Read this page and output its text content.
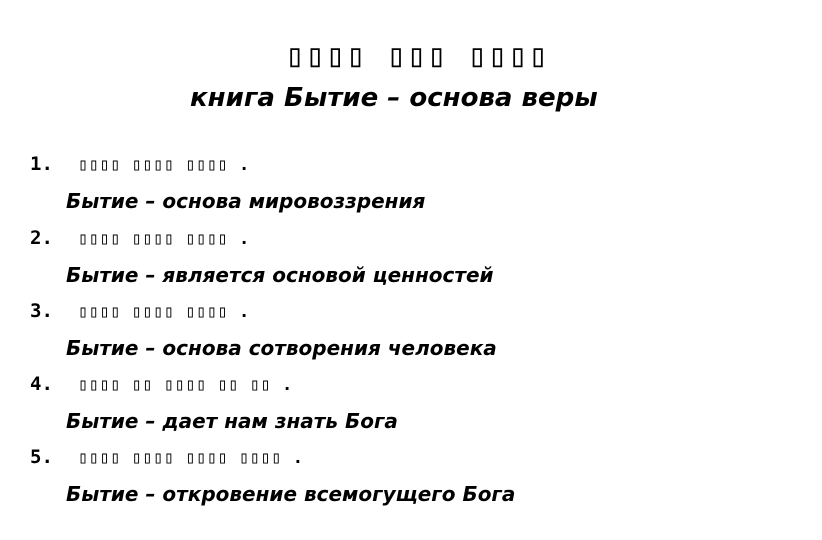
▯▯▯▯ ▯▯▯ ▯▯▯▯
книга Бытие – основа веры
1. ▯▯▯▯ ▯▯▯▯ ▯▯▯▯ .
Бытие – основа мировоззрения
2. ▯▯▯▯ ▯▯▯▯ ▯▯▯▯ .
Бытие – является основой ценностей
3. ▯▯▯▯ ▯▯▯▯ ▯▯▯▯ .
Бытие – основа сотворения человека
4. ▯▯▯▯ ▯▯ ▯▯▯▯ ▯▯ ▯▯ .
Бытие – дает нам знать Бога
5. ▯▯▯▯ ▯▯▯▯ ▯▯▯▯ ▯▯▯▯ .
Бытие – откровение всемогущего Бога
